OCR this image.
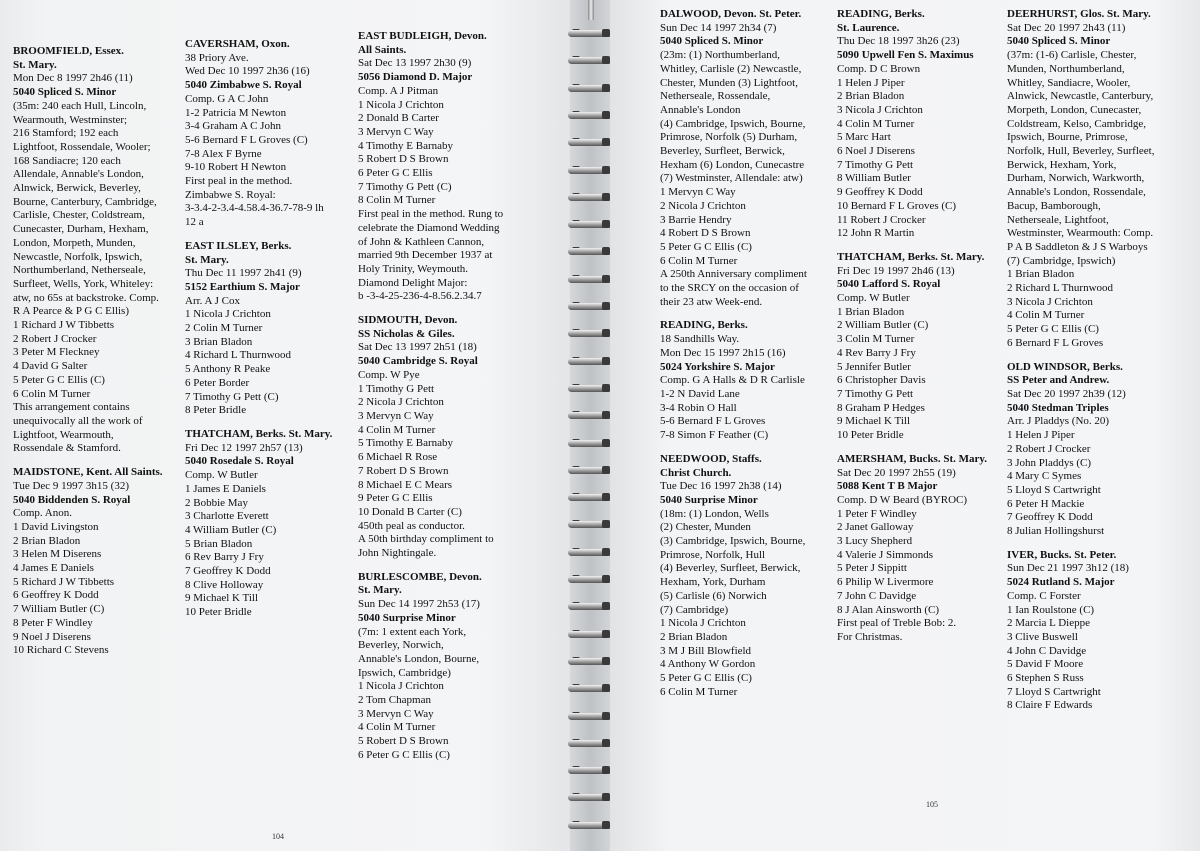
BROOMFIELD, Essex.
St. Mary.
Mon Dec 8 1997 2h46 (11)
5040 Spliced S. Minor
(35m: 240 each Hull, Lincoln,
Wearmouth, Westminster;
216 Stamford; 192 each
Lightfoot, Rossendale, Wooler;
168 Sandiacre; 120 each
Allendale, Annable's London,
Alnwick, Berwick, Beverley,
Bourne, Canterbury, Cambridge,
Carlisle, Chester, Coldstream,
Cunecaster, Durham, Hexham,
London, Morpeth, Munden,
Newcastle, Norfolk, Ipswich,
Northumberland, Netherseale,
Surfleet, Wells, York, Whiteley:
atw, no 65s at backstroke. Comp.
R A Pearce & P G C Ellis)
1 Richard J W Tibbetts
2 Robert J Crocker
3 Peter M Fleckney
4 David G Salter
5 Peter G C Ellis (C)
6 Colin M Turner
This arrangement contains
unequivocally all the work of
Lightfoot, Wearmouth,
Rossendale & Stamford.
MAIDSTONE, Kent. All Saints.
Tue Dec 9 1997 3h15 (32)
5040 Biddenden S. Royal
Comp. Anon.
1 David Livingston
2 Brian Bladon
3 Helen M Diserens
4 James E Daniels
5 Richard J W Tibbetts
6 Geoffrey K Dodd
7 William Butler (C)
8 Peter F Windley
9 Noel J Diserens
10 Richard C Stevens
CAVERSHAM, Oxon.
38 Priory Ave.
Wed Dec 10 1997 2h36 (16)
5040 Zimbabwe S. Royal
Comp. G A C John
1-2 Patricia M Newton
3-4 Graham A C John
5-6 Bernard F L Groves (C)
7-8 Alex F Byrne
9-10 Robert H Newton
First peal in the method.
Zimbabwe S. Royal:
3-3.4-2-3.4-4.58.4-36.7-78-9 lh
12 a
EAST ILSLEY, Berks.
St. Mary.
Thu Dec 11 1997 2h41 (9)
5152 Earthium S. Major
Arr. A J Cox
1 Nicola J Crichton
2 Colin M Turner
3 Brian Bladon
4 Richard L Thurnwood
5 Anthony R Peake
6 Peter Border
7 Timothy G Pett (C)
8 Peter Bridle
THATCHAM, Berks. St. Mary.
Fri Dec 12 1997 2h57 (13)
5040 Rosedale S. Royal
Comp. W Butler
1 James E Daniels
2 Bobbie May
3 Charlotte Everett
4 William Butler (C)
5 Brian Bladon
6 Rev Barry J Fry
7 Geoffrey K Dodd
8 Clive Holloway
9 Michael K Till
10 Peter Bridle
EAST BUDLEIGH, Devon.
All Saints.
Sat Dec 13 1997 2h30 (9)
5056 Diamond D. Major
Comp. A J Pitman
1 Nicola J Crichton
2 Donald B Carter
3 Mervyn C Way
4 Timothy E Barnaby
5 Robert D S Brown
6 Peter G C Ellis
7 Timothy G Pett (C)
8 Colin M Turner
First peal in the method. Rung to
celebrate the Diamond Wedding
of John & Kathleen Cannon,
married 9th December 1937 at
Holy Trinity, Weymouth.
Diamond Delight Major:
b -3-4-25-236-4-8.56.2.34.7
SIDMOUTH, Devon.
SS Nicholas & Giles.
Sat Dec 13 1997 2h51 (18)
5040 Cambridge S. Royal
Comp. W Pye
1 Timothy G Pett
2 Nicola J Crichton
3 Mervyn C Way
4 Colin M Turner
5 Timothy E Barnaby
6 Michael R Rose
7 Robert D S Brown
8 Michael E C Mears
9 Peter G C Ellis
10 Donald B Carter (C)
450th peal as conductor.
A 50th birthday compliment to
John Nightingale.
BURLESCOMBE, Devon.
St. Mary.
Sun Dec 14 1997 2h53 (17)
5040 Surprise Minor
(7m: 1 extent each York,
Beverley, Norwich,
Annable's London, Bourne,
Ipswich, Cambridge)
1 Nicola J Crichton
2 Tom Chapman
3 Mervyn C Way
4 Colin M Turner
5 Robert D S Brown
6 Peter G C Ellis (C)
104
DALWOOD, Devon. St. Peter.
Sun Dec 14 1997 2h34 (7)
5040 Spliced S. Minor
(23m: (1) Northumberland,
Whitley, Carlisle (2) Newcastle,
Chester, Munden (3) Lightfoot,
Netherseale, Rossendale,
Annable's London
(4) Cambridge, Ipswich, Bourne,
Primrose, Norfolk (5) Durham,
Beverley, Surfleet, Berwick,
Hexham (6) London, Cunecastre
(7) Westminster, Allendale: atw)
1 Mervyn C Way
2 Nicola J Crichton
3 Barrie Hendry
4 Robert D S Brown
5 Peter G C Ellis (C)
6 Colin M Turner
A 250th Anniversary compliment
to the SRCY on the occasion of
their 23 atw Week-end.
READING, Berks.
18 Sandhills Way.
Mon Dec 15 1997 2h15 (16)
5024 Yorkshire S. Major
Comp. G A Halls & D R Carlisle
1-2 N David Lane
3-4 Robin O Hall
5-6 Bernard F L Groves
7-8 Simon F Feather (C)
NEEDWOOD, Staffs.
Christ Church.
Tue Dec 16 1997 2h38 (14)
5040 Surprise Minor
(18m: (1) London, Wells
(2) Chester, Munden
(3) Cambridge, Ipswich, Bourne,
Primrose, Norfolk, Hull
(4) Beverley, Surfleet, Berwick,
Hexham, York, Durham
(5) Carlisle (6) Norwich
(7) Cambridge)
1 Nicola J Crichton
2 Brian Bladon
3 M J Bill Blowfield
4 Anthony W Gordon
5 Peter G C Ellis (C)
6 Colin M Turner
READING, Berks.
St. Laurence.
Thu Dec 18 1997 3h26 (23)
5090 Upwell Fen S. Maximus
Comp. D C Brown
1 Helen J Piper
2 Brian Bladon
3 Nicola J Crichton
4 Colin M Turner
5 Marc Hart
6 Noel J Diserens
7 Timothy G Pett
8 William Butler
9 Geoffrey K Dodd
10 Bernard F L Groves (C)
11 Robert J Crocker
12 John R Martin
THATCHAM, Berks. St. Mary.
Fri Dec 19 1997 2h46 (13)
5040 Lafford S. Royal
Comp. W Butler
1 Brian Bladon
2 William Butler (C)
3 Colin M Turner
4 Rev Barry J Fry
5 Jennifer Butler
6 Christopher Davis
7 Timothy G Pett
8 Graham P Hedges
9 Michael K Till
10 Peter Bridle
AMERSHAM, Bucks. St. Mary.
Sat Dec 20 1997 2h55 (19)
5088 Kent T B Major
Comp. D W Beard (BYROC)
1 Peter F Windley
2 Janet Galloway
3 Lucy Shepherd
4 Valerie J Simmonds
5 Peter J Sippitt
6 Philip W Livermore
7 John C Davidge
8 J Alan Ainsworth (C)
First peal of Treble Bob: 2.
For Christmas.
DEERHURST, Glos. St. Mary.
Sat Dec 20 1997 2h43 (11)
5040 Spliced S. Minor
(37m: (1-6) Carlisle, Chester,
Munden, Northumberland,
Whitley, Sandiacre, Wooler,
Alnwick, Newcastle, Canterbury,
Morpeth, London, Cunecaster,
Coldstream, Kelso, Cambridge,
Ipswich, Bourne, Primrose,
Norfolk, Hull, Beverley, Surfleet,
Berwick, Hexham, York,
Durham, Norwich, Warkworth,
Annable's London, Rossendale,
Bacup, Bamborough,
Netherseale, Lightfoot,
Westminster, Wearmouth: Comp.
P A B Saddleton & J S Warboys
(7) Cambridge, Ipswich)
1 Brian Bladon
2 Richard L Thurnwood
3 Nicola J Crichton
4 Colin M Turner
5 Peter G C Ellis (C)
6 Bernard F L Groves
OLD WINDSOR, Berks.
SS Peter and Andrew.
Sat Dec 20 1997 2h39 (12)
5040 Stedman Triples
Arr. J Pladdys (No. 20)
1 Helen J Piper
2 Robert J Crocker
3 John Pladdys (C)
4 Mary C Symes
5 Lloyd S Cartwright
6 Peter H Mackie
7 Geoffrey K Dodd
8 Julian Hollingshurst
IVER, Bucks. St. Peter.
Sun Dec 21 1997 3h12 (18)
5024 Rutland S. Major
Comp. C Forster
1 Ian Roulstone (C)
2 Marcia L Dieppe
3 Clive Buswell
4 John C Davidge
5 David F Moore
6 Stephen S Russ
7 Lloyd S Cartwright
8 Claire F Edwards
105
